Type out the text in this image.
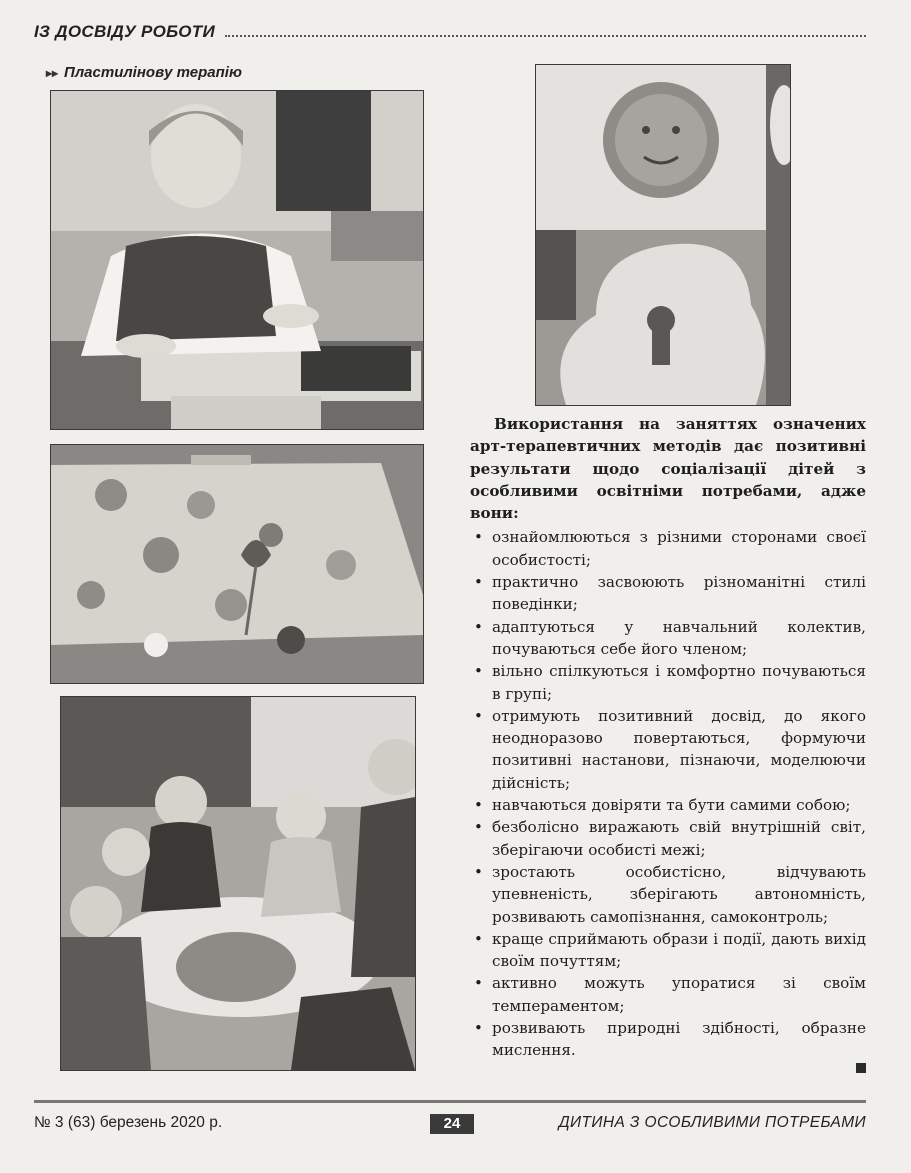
ІЗ ДОСВІДУ РОБОТИ
▸▸ Пластиліновy терапію

Використання на заняттях означених арт-терапевтичних методів дає позитивні результати щодо соціалізації дітей з особливими освітніми потребами, адже вони:

• ознайомлюються з різними сторонами своєї особистості;
• практично засвоюють різноманітні стилі поведінки;
• адаптуються у навчальний колектив, почуваються себе його членом;
• вільно спілкуються і комфортно почуваються в групі;
• отримують позитивний досвід, до якого неодноразово повертаються, формуючи позитивні настанови, пізнаючи, моделюючи дійсність;
• навчаються довіряти та бути самими собою;
• безболісно виражають свій внутрішній світ, зберігаючи особисті межі;
• зростають особистісно, відчувають упевненість, зберігають автономність, розвивають самопізнання, самоконтроль;
• краще сприймають образи і події, дають вихід своїм почуттям;
• активно можуть упоратися зі своїм темпераментом;
• розвивають природні здібності, образне мислення.
№ 3 (63) березень 2020 р.	24	ДИТИНА З ОСОБЛИВИМИ ПОТРЕБАМИ
